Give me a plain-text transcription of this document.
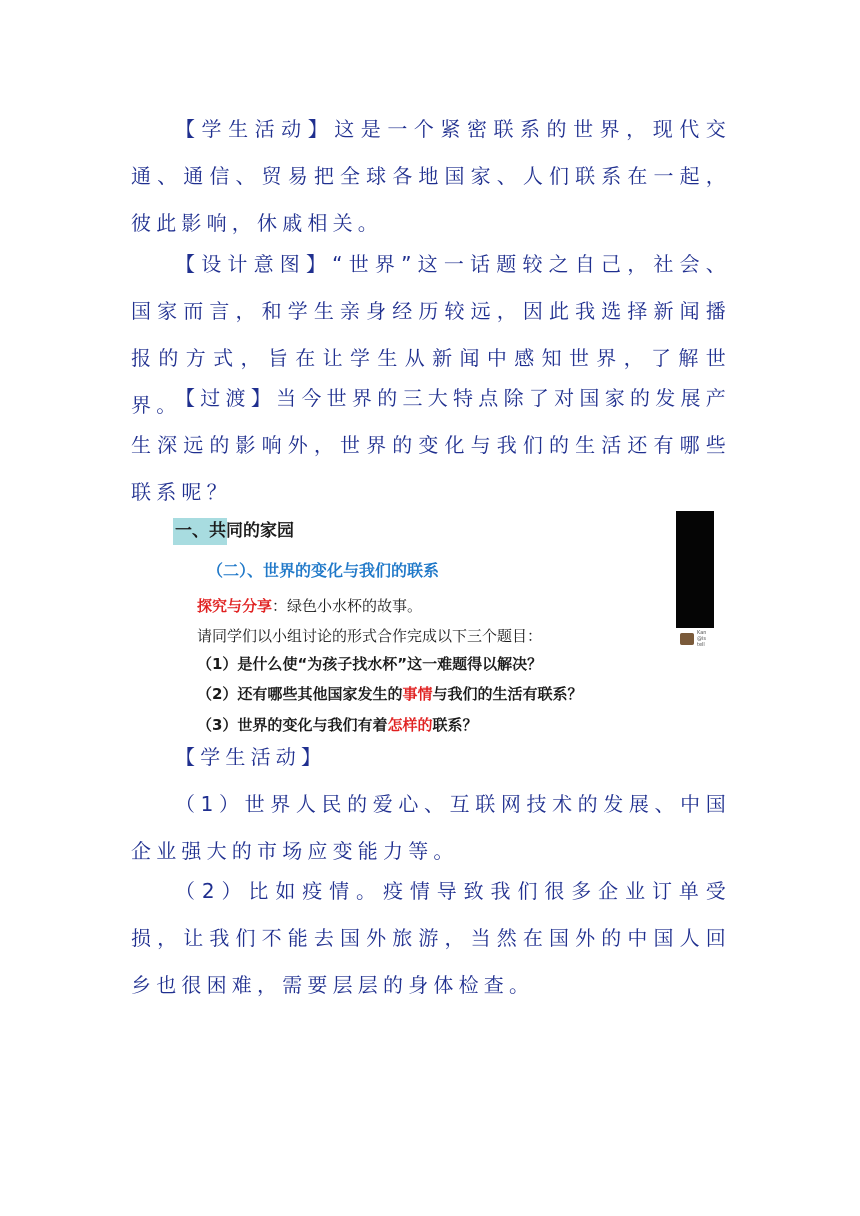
【学生活动】这是一个紧密联系的世界，现代交通、通信、贸易把全球各地国家、人们联系在一起，彼此影响，休戚相关。

【设计意图】“世界”这一话题较之自己，社会、国家而言，和学生亲身经历较远，因此我选择新闻播报的方式，旨在让学生从新闻中感知世界，了解世界。

【过渡】当今世界的三大特点除了对国家的发展产生深远的影响外，世界的变化与我们的生活还有哪些联系呢？

一、共同的家园

（二）、世界的变化与我们的联系

探究与分享：绿色小水杯的故事。

请同学们以小组讨论的形式合作完成以下三个题目：

（1）是什么使“为孩子找水杯”这一难题得以解决？

（2）还有哪些其他国家发生的事情与我们的生活有联系？

（3）世界的变化与我们有着怎样的联系？

Kan @is tell

【学生活动】

（1）世界人民的爱心、互联网技术的发展、中国企业强大的市场应变能力等。

（2）比如疫情。疫情导致我们很多企业订单受损，让我们不能去国外旅游，当然在国外的中国人回乡也很困难，需要层层的身体检查。
